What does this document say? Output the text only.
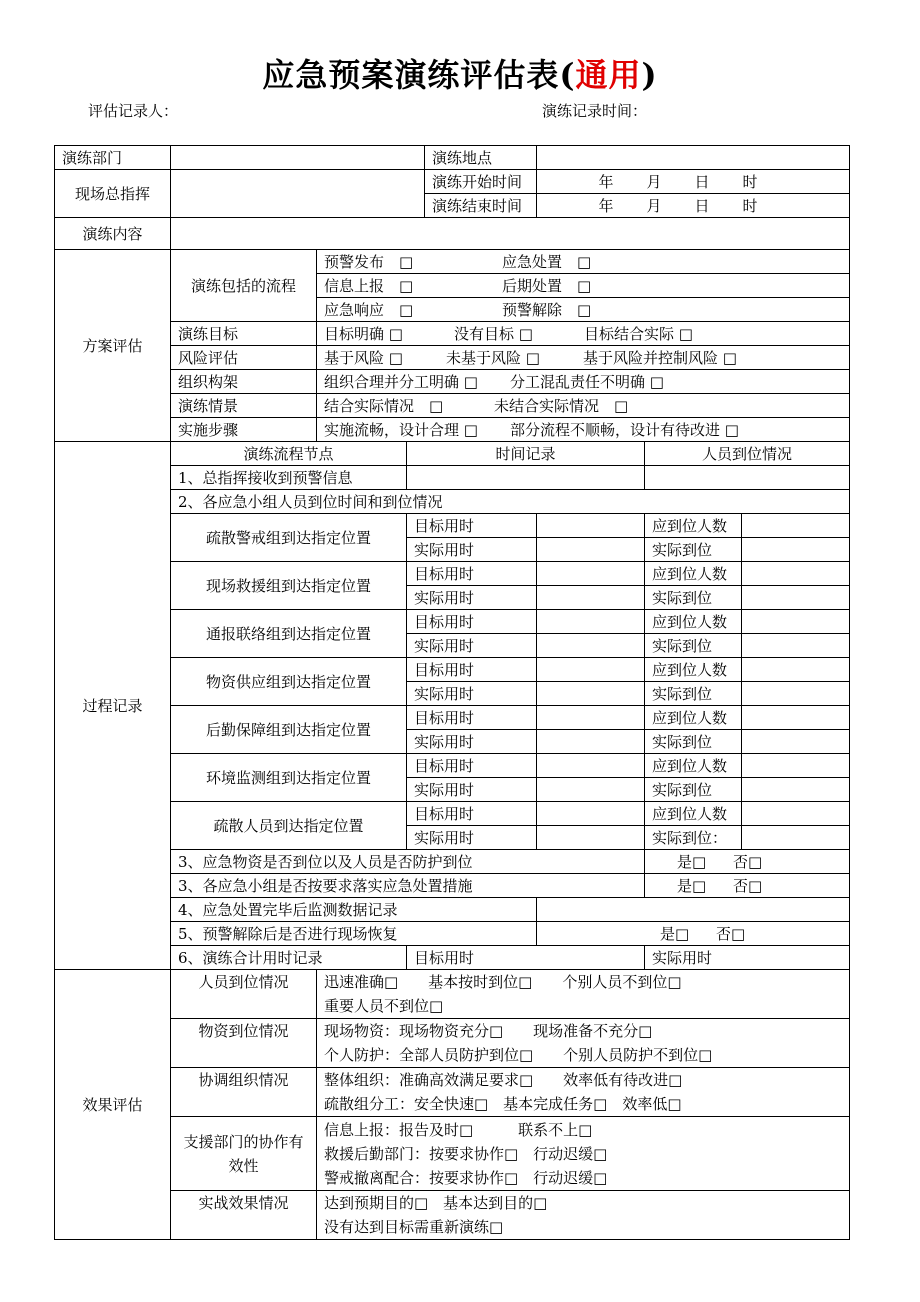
应急预案演练评估表(通用)
评估记录人：	演练记录时间：
演练部门				演练地点			
现场总指挥				演练开始时间	年 月 日 时		
				演练结束时间	年 月 日 时		
演练内容							
方案评估	演练包括的流程	预警发布　□ 应急处置　□					
		信息上报　□ 后期处置　□					
		应急响应　□ 预警解除　□					
	演练目标	目标明确 □ 没有目标 □ 目标结合实际 □					
	风险评估	基于风险 □ 未基于风险 □ 基于风险并控制风险 □					
	组织构架	组织合理并分工明确 □ 分工混乱责任不明确 □					
	演练情景	结合实际情况　□ 未结合实际情况　□					
	实施步骤	实施流畅，设计合理 □ 部分流程不顺畅，设计有待改进 □					
过程记录	演练流程节点		时间记录			人员到位情况	
	1、总指挥接收到预警信息						
	2、各应急小组人员到位时间和到位情况						
	疏散警戒组到达指定位置		目标用时			应到位人数	
			实际用时			实际到位	
	现场救援组到达指定位置		目标用时			应到位人数	
			实际用时			实际到位	
	通报联络组到达指定位置		目标用时			应到位人数	
			实际用时			实际到位	
	物资供应组到达指定位置		目标用时			应到位人数	
			实际用时			实际到位	
	后勤保障组到达指定位置		目标用时			应到位人数	
			实际用时			实际到位	
	环境监测组到达指定位置		目标用时			应到位人数	
			实际用时			实际到位	
	疏散人员到达指定位置		目标用时			应到位人数	
			实际用时			实际到位：	
	3、应急物资是否到位以及人员是否防护到位					是□ 否□	
	3、各应急小组是否按要求落实应急处置措施					是□ 否□	
	4、应急处置完毕后监测数据记录						
	5、预警解除后是否进行现场恢复				是□ 否□		
	6、演练合计用时记录		目标用时			实际用时	
效果评估	人员到位情况	迅速准确□　　基本按时到位□　　个别人员不到位□
重要人员不到位□					

	物资到位情况	现场物资：现场物资充分□　　现场准备不充分□
个人防护：全部人员防护到位□　　个别人员防护不到位□					

	协调组织情况	整体组织：准确高效满足要求□　　效率低有待改进□
疏散组分工：安全快速□　基本完成任务□　效率低□					

	支援部门的协作有效性	信息上报：报告及时□　　　联系不上□
救援后勤部门：按要求协作□　行动迟缓□
警戒撤离配合：按要求协作□　行动迟缓□					

	实战效果情况	达到预期目的□　基本达到目的□
没有达到目标需重新演练□					
